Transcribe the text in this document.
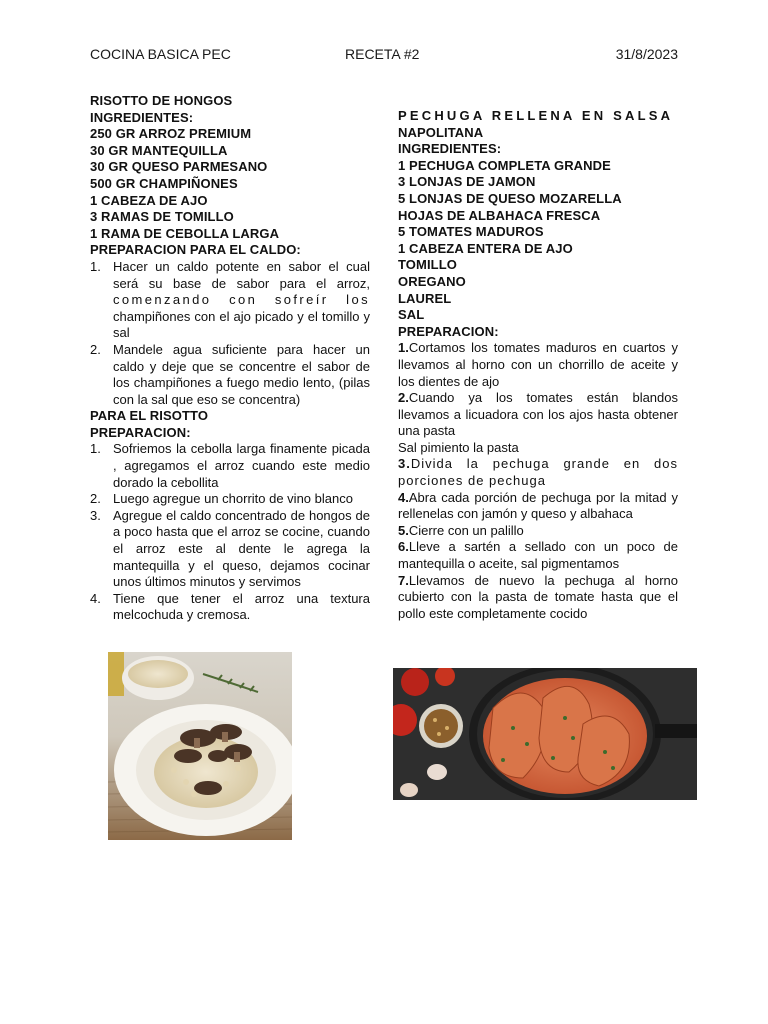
COCINA BASICA PEC	RECETA #2	31/8/2023

RISOTTO DE HONGOS

INGREDIENTES:

250 GR ARROZ PREMIUM

30 GR MANTEQUILLA

30 GR QUESO PARMESANO

500 GR CHAMPIÑONES

1 CABEZA DE AJO

3 RAMAS DE TOMILLO

1 RAMA DE CEBOLLA LARGA

PREPARACION PARA EL CALDO:

1. Hacer un caldo potente en sabor el cual será su base de sabor para el arroz, comenzando con sofreír los champiñones con el ajo picado y el tomillo y sal
2. Mandele agua suficiente para hacer un caldo y deje que se concentre el sabor de los champiñones a fuego medio lento, (pilas con la sal que eso se concentra)

PARA EL RISOTTO

PREPARACION:

1. Sofriemos la cebolla larga finamente picada , agregamos el arroz cuando este medio dorado la cebollita
2. Luego agregue un chorrito de vino blanco
3. Agregue el caldo concentrado de hongos de a poco hasta que el arroz se cocine, cuando el arroz este al dente le agrega la mantequilla y el queso, dejamos cocinar unos últimos minutos y servimos
4. Tiene que tener el arroz una textura melcochuda y cremosa.

PECHUGA RELLENA EN SALSA

NAPOLITANA

INGREDIENTES:

1 PECHUGA COMPLETA GRANDE

3 LONJAS DE JAMON

5 LONJAS DE QUESO MOZARELLA

HOJAS DE ALBAHACA FRESCA

5 TOMATES MADUROS

1 CABEZA ENTERA DE AJO

TOMILLO

OREGANO

LAUREL

SAL

PREPARACION:

1.Cortamos los tomates maduros en cuartos y llevamos al horno con un chorrillo de aceite y los dientes de ajo

2.Cuando ya los tomates están blandos llevamos a licuadora con los ajos hasta obtener una pasta

Sal pimiento la pasta

3.Divida la pechuga grande en dos porciones de pechuga

4.Abra cada porción de pechuga por la mitad y rellenelas con jamón y queso y albahaca

5.Cierre con un palillo

6.Lleve a sartén a sellado con un poco de mantequilla o aceite, sal pigmentamos

7.Llevamos de nuevo la pechuga al horno cubierto con la pasta de tomate hasta que el pollo este completamente cocido
